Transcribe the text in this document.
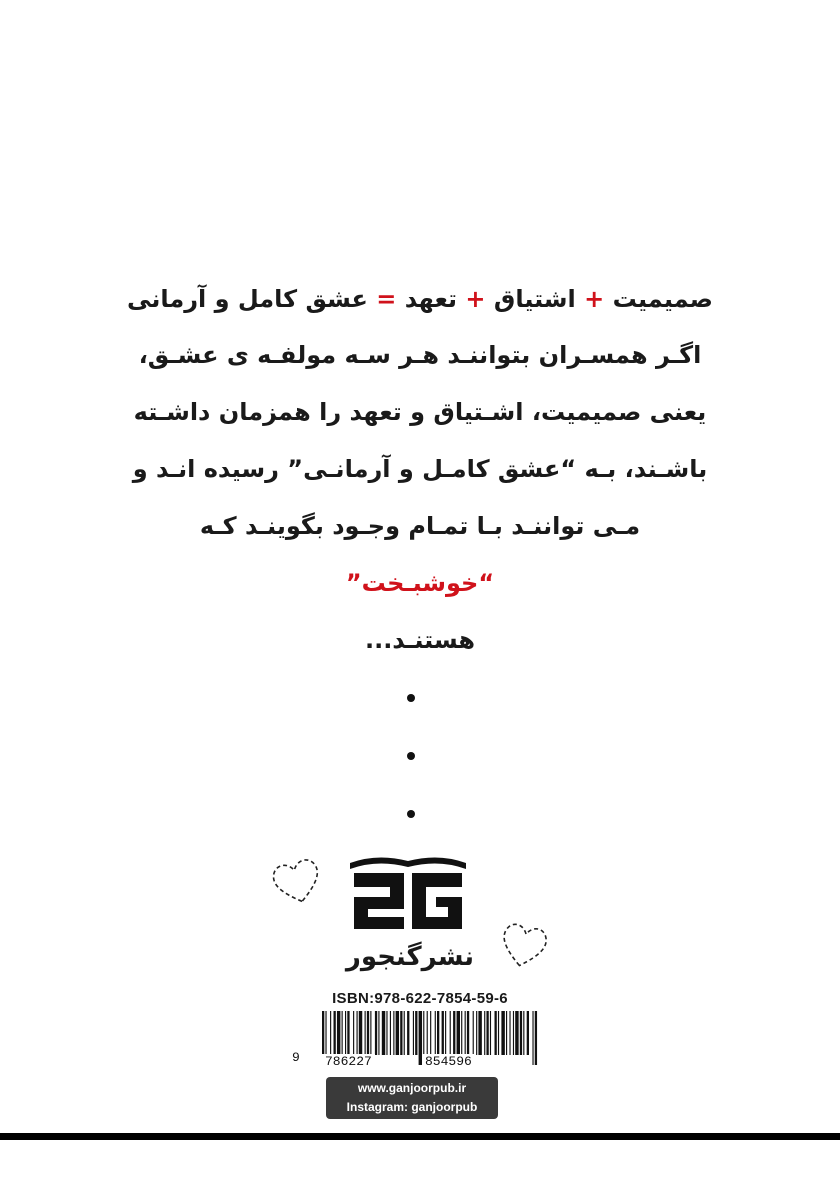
صمیمیت + اشتیاق + تعهد = عشق کامل و آرمانی
اگـر همسـران بتواننـد هـر سـه مولفـه ی عشـق،
یعنی صمیمیت، اشـتیاق و تعهد را همزمان داشـته
باشـند، بـه “عشق کامـل و آرمانـی” رسیده انـد و
مـی تواننـد بـا تمـام وجـود بگوینـد کـه
“خوشبـخت”
هستنـد...
نشرگنجور
ISBN:978-622-7854-59-6
9 786227	854596
www.ganjoorpub.ir
Instagram: ganjoorpub
